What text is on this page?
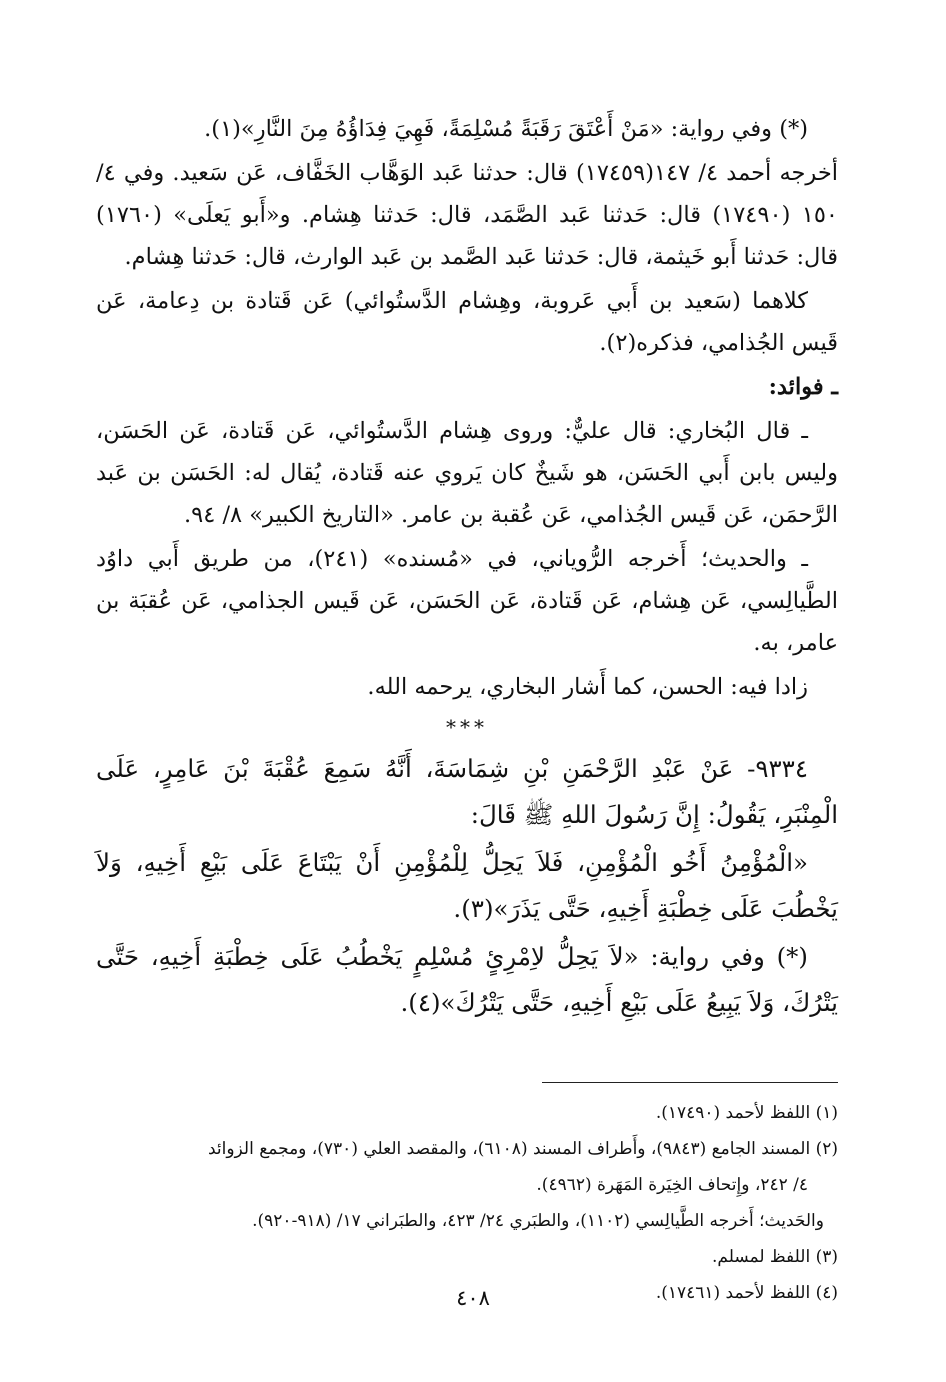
(*) وفي رواية: «مَنْ أَعْتَقَ رَقَبَةً مُسْلِمَةً، فَهِيَ فِدَاؤُهُ مِنَ النَّارِ»(١).

أخرجه أحمد ٤/ ١٤٧(١٧٤٥٩) قال: حدثنا عَبد الوَهَّاب الخَفَّاف، عَن سَعيد. وفي ٤/ ١٥٠ (١٧٤٩٠) قال: حَدثنا عَبد الصَّمَد، قال: حَدثنا هِشام. و«أَبو يَعلَى» (١٧٦٠) قال: حَدثنا أَبو خَيثمة، قال: حَدثنا عَبد الصَّمد بن عَبد الوارث، قال: حَدثنا هِشام.

كلاهما (سَعيد بن أَبي عَروبة، وهِشام الدَّستُوائي) عَن قَتادة بن دِعامة، عَن قَيس الجُذامي، فذكره(٢).

ـ فوائد:

ـ قال البُخاري: قال عليٌّ: وروى هِشام الدَّستُوائي، عَن قَتادة، عَن الحَسَن، وليس بابن أَبي الحَسَن، هو شَيخٌ كان يَروي عنه قَتادة، يُقال له: الحَسَن بن عَبد الرَّحمَن، عَن قَيس الجُذامي، عَن عُقبة بن عامر. «التاريخ الكبير» ٨/ ٩٤.

ـ والحديث؛ أَخرجه الرُّوياني، في «مُسنده» (٢٤١)، من طريق أَبي داوُد الطَّيالِسي، عَن هِشام، عَن قَتادة، عَن الحَسَن، عَن قَيس الجذامي، عَن عُقبَة بن عامر، به.

زادا فيه: الحسن، كما أَشار البخاري، يرحمه الله.

***

٩٣٣٤- عَنْ عَبْدِ الرَّحْمَنِ بْنِ شِمَاسَةَ، أَنَّهُ سَمِعَ عُقْبَةَ بْنَ عَامِرٍ، عَلَى الْمِنْبَرِ، يَقُولُ: إِنَّ رَسُولَ اللهِ ﷺ قَالَ:

«الْمُؤْمِنُ أَخُو الْمُؤْمِنِ، فَلاَ يَحِلُّ لِلْمُؤْمِنِ أَنْ يَبْتَاعَ عَلَى بَيْعِ أَخِيهِ، وَلاَ يَخْطُبَ عَلَى خِطْبَةِ أَخِيهِ، حَتَّى يَذَرَ»(٣).

(*) وفي رواية: «لاَ يَحِلُّ لاِمْرِئٍ مُسْلِمٍ يَخْطُبُ عَلَى خِطْبَةِ أَخِيهِ، حَتَّى يَتْرُكَ، وَلاَ يَبِيعُ عَلَى بَيْعِ أَخِيهِ، حَتَّى يَتْرُكَ»(٤).

(١) اللفظ لأحمد (١٧٤٩٠).

(٢) المسند الجامع (٩٨٤٣)، وأَطراف المسند (٦١٠٨)، والمقصد العلي (٧٣٠)، ومجمع الزوائد

٤/ ٢٤٢، وإِتحاف الخِيَرة المَهَرة (٤٩٦٢).

والحَديث؛ أَخرجه الطَّيالِسي (١١٠٢)، والطبَري ٢٤/ ٤٢٣، والطبَراني ١٧/ (٩١٨-٩٢٠).

(٣) اللفظ لمسلم.

(٤) اللفظ لأحمد (١٧٤٦١).

٤٠٨
